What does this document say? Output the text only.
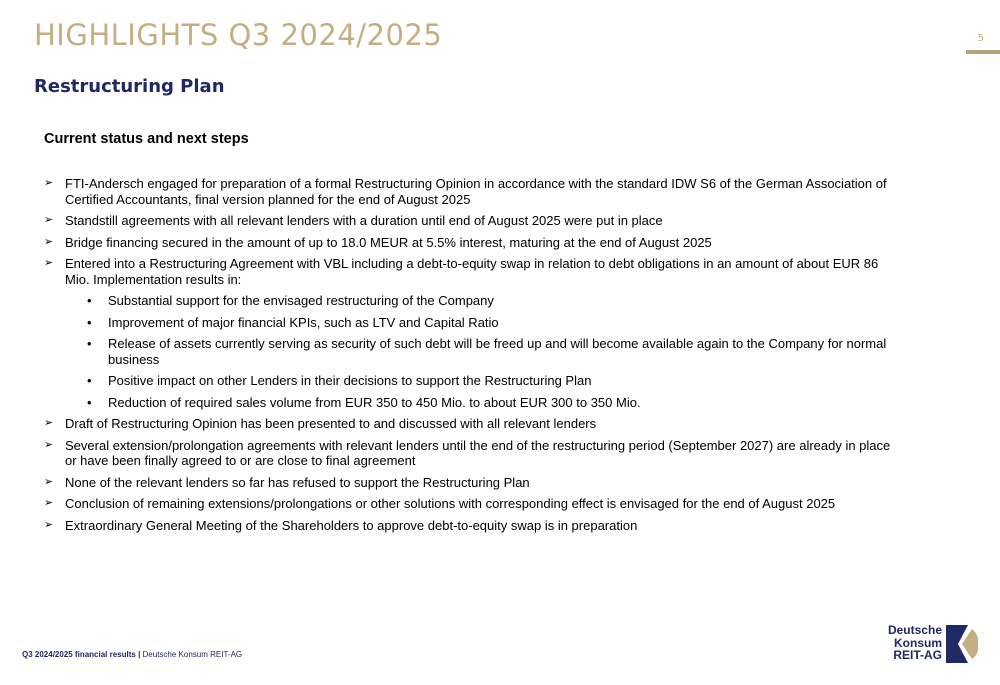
HIGHLIGHTS Q3 2024/2025	5
Restructuring Plan
Current status and next steps
➢ FTI-Andersch engaged for preparation of a formal Restructuring Opinion in accordance with the standard IDW S6 of the German Association of Certified Accountants, final version planned for the end of August 2025
➢ Standstill agreements with all relevant lenders with a duration until end of August 2025 were put in place
➢ Bridge financing secured in the amount of up to 18.0 MEUR at 5.5% interest, maturing at the end of August 2025
➢ Entered into a Restructuring Agreement with VBL including a debt-to-equity swap in relation to debt obligations in an amount of about EUR 86 Mio. Implementation results in:
• Substantial support for the envisaged restructuring of the Company
• Improvement of major financial KPIs, such as LTV and Capital Ratio
• Release of assets currently serving as security of such debt will be freed up and will become available again to the Company for normal business
• Positive impact on other Lenders in their decisions to support the Restructuring Plan
• Reduction of required sales volume from EUR 350 to 450 Mio. to about EUR 300 to 350 Mio.
➢ Draft of Restructuring Opinion has been presented to and discussed with all relevant lenders
➢ Several extension/prolongation agreements with relevant lenders until the end of the restructuring period (September 2027) are already in place or have been finally agreed to or are close to final agreement
➢ None of the relevant lenders so far has refused to support the Restructuring Plan
➢ Conclusion of remaining extensions/prolongations or other solutions with corresponding effect is envisaged for the end of August 2025
➢ Extraordinary General Meeting of the Shareholders to approve debt-to-equity swap is in preparation
Q3 2024/2025 financial results | Deutsche Konsum REIT-AG
Deutsche
Konsum
REIT-AG
